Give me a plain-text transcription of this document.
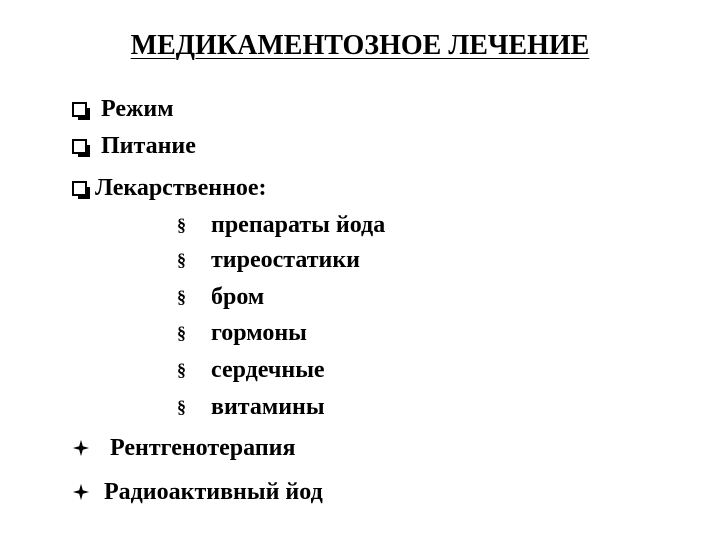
МЕДИКАМЕНТОЗНОЕ ЛЕЧЕНИЕ
Режим
Питание
Лекарственное:
§	препараты йода
§	тиреостатики
§	бром
§	гормоны
§	сердечные
§	витамины
Рентгенотерапия
Радиоактивный йод
